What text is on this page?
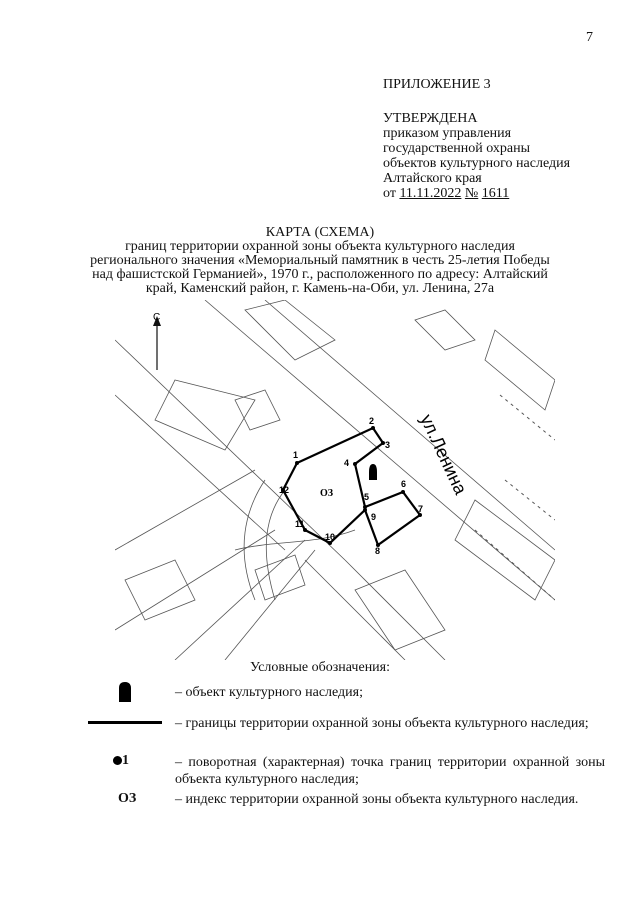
7
ПРИЛОЖЕНИЕ 3
УТВЕРЖДЕНА
приказом управления
государственной охраны
объектов культурного наследия
Алтайского края
от 11.11.2022 № 1611
КАРТА (СХЕМА)
границ территории охранной зоны объекта культурного наследия
регионального значения «Мемориальный памятник в честь 25-летия Победы
над фашистской Германией», 1970 г., расположенного по адресу: Алтайский
край, Каменский район, г. Камень-на-Оби, ул. Ленина, 27а
С
ул.Ленина
ОЗ
1
2
3
4
5
6
7
8
9
10
11
12
Условные обозначения:
– объект культурного наследия;
– границы территории охранной зоны объекта культурного наследия;
1	– поворотная (характерная) точка границ территории охранной зоны объекта культурного наследия;
ОЗ	– индекс территории охранной зоны объекта культурного наследия.
